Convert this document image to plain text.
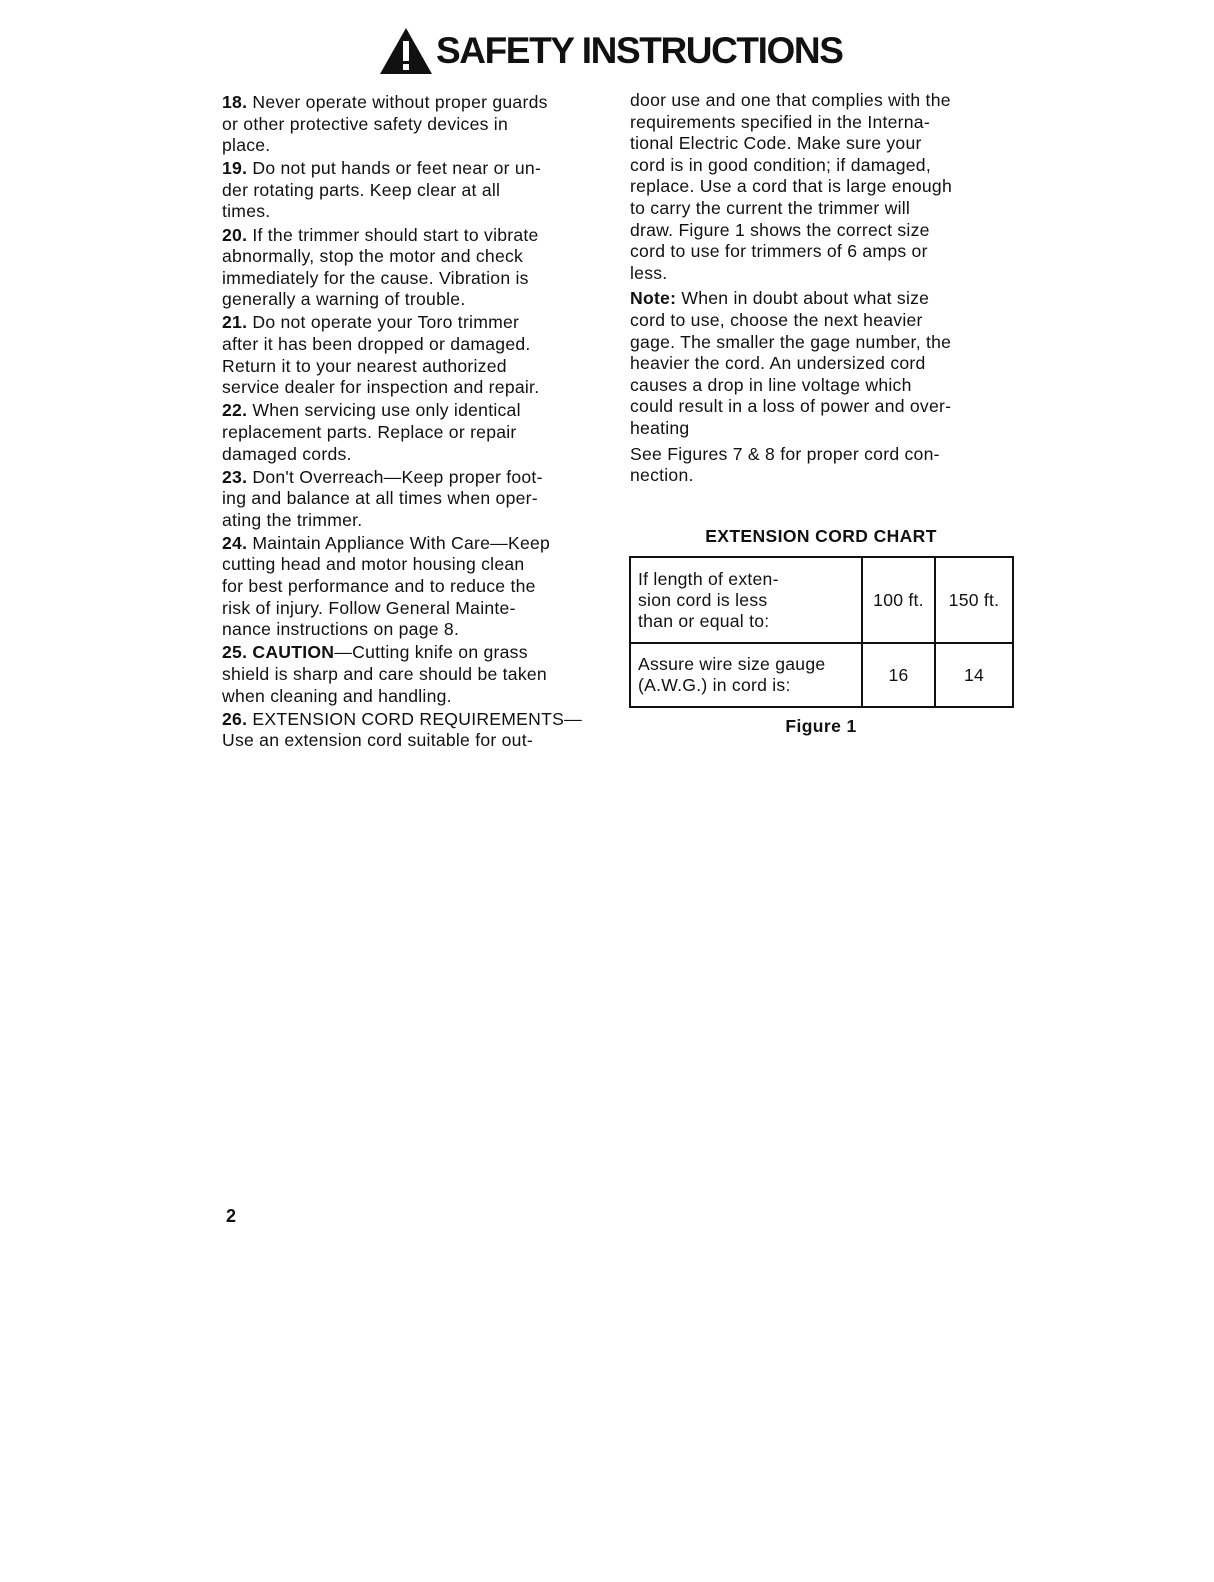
SAFETY INSTRUCTIONS
18. Never operate without proper guards
or other protective safety devices in
place.
19. Do not put hands or feet near or un-
der rotating parts. Keep clear at all
times.
20. If the trimmer should start to vibrate
abnormally, stop the motor and check
immediately for the cause. Vibration is
generally a warning of trouble.
21. Do not operate your Toro trimmer
after it has been dropped or damaged.
Return it to your nearest authorized
service dealer for inspection and repair.
22. When servicing use only identical
replacement parts. Replace or repair
damaged cords.
23. Don't Overreach—Keep proper foot-
ing and balance at all times when oper-
ating the trimmer.
24. Maintain Appliance With Care—Keep
cutting head and motor housing clean
for best performance and to reduce the
risk of injury. Follow General Mainte-
nance instructions on page 8.
25. CAUTION—Cutting knife on grass
shield is sharp and care should be taken
when cleaning and handling.
26. EXTENSION CORD REQUIREMENTS—
Use an extension cord suitable for out-
door use and one that complies with the
requirements specified in the Interna-
tional Electric Code. Make sure your
cord is in good condition; if damaged,
replace. Use a cord that is large enough
to carry the current the trimmer will
draw. Figure 1 shows the correct size
cord to use for trimmers of 6 amps or
less.
Note: When in doubt about what size
cord to use, choose the next heavier
gage. The smaller the gage number, the
heavier the cord. An undersized cord
causes a drop in line voltage which
could result in a loss of power and over-
heating
See Figures 7 & 8 for proper cord con-
nection.
EXTENSION CORD CHART
If length of exten-
sion cord is less
than or equal to:	100 ft.	150 ft.

Assure wire size gauge
(A.W.G.) in cord is:	16	14
Figure 1
2
